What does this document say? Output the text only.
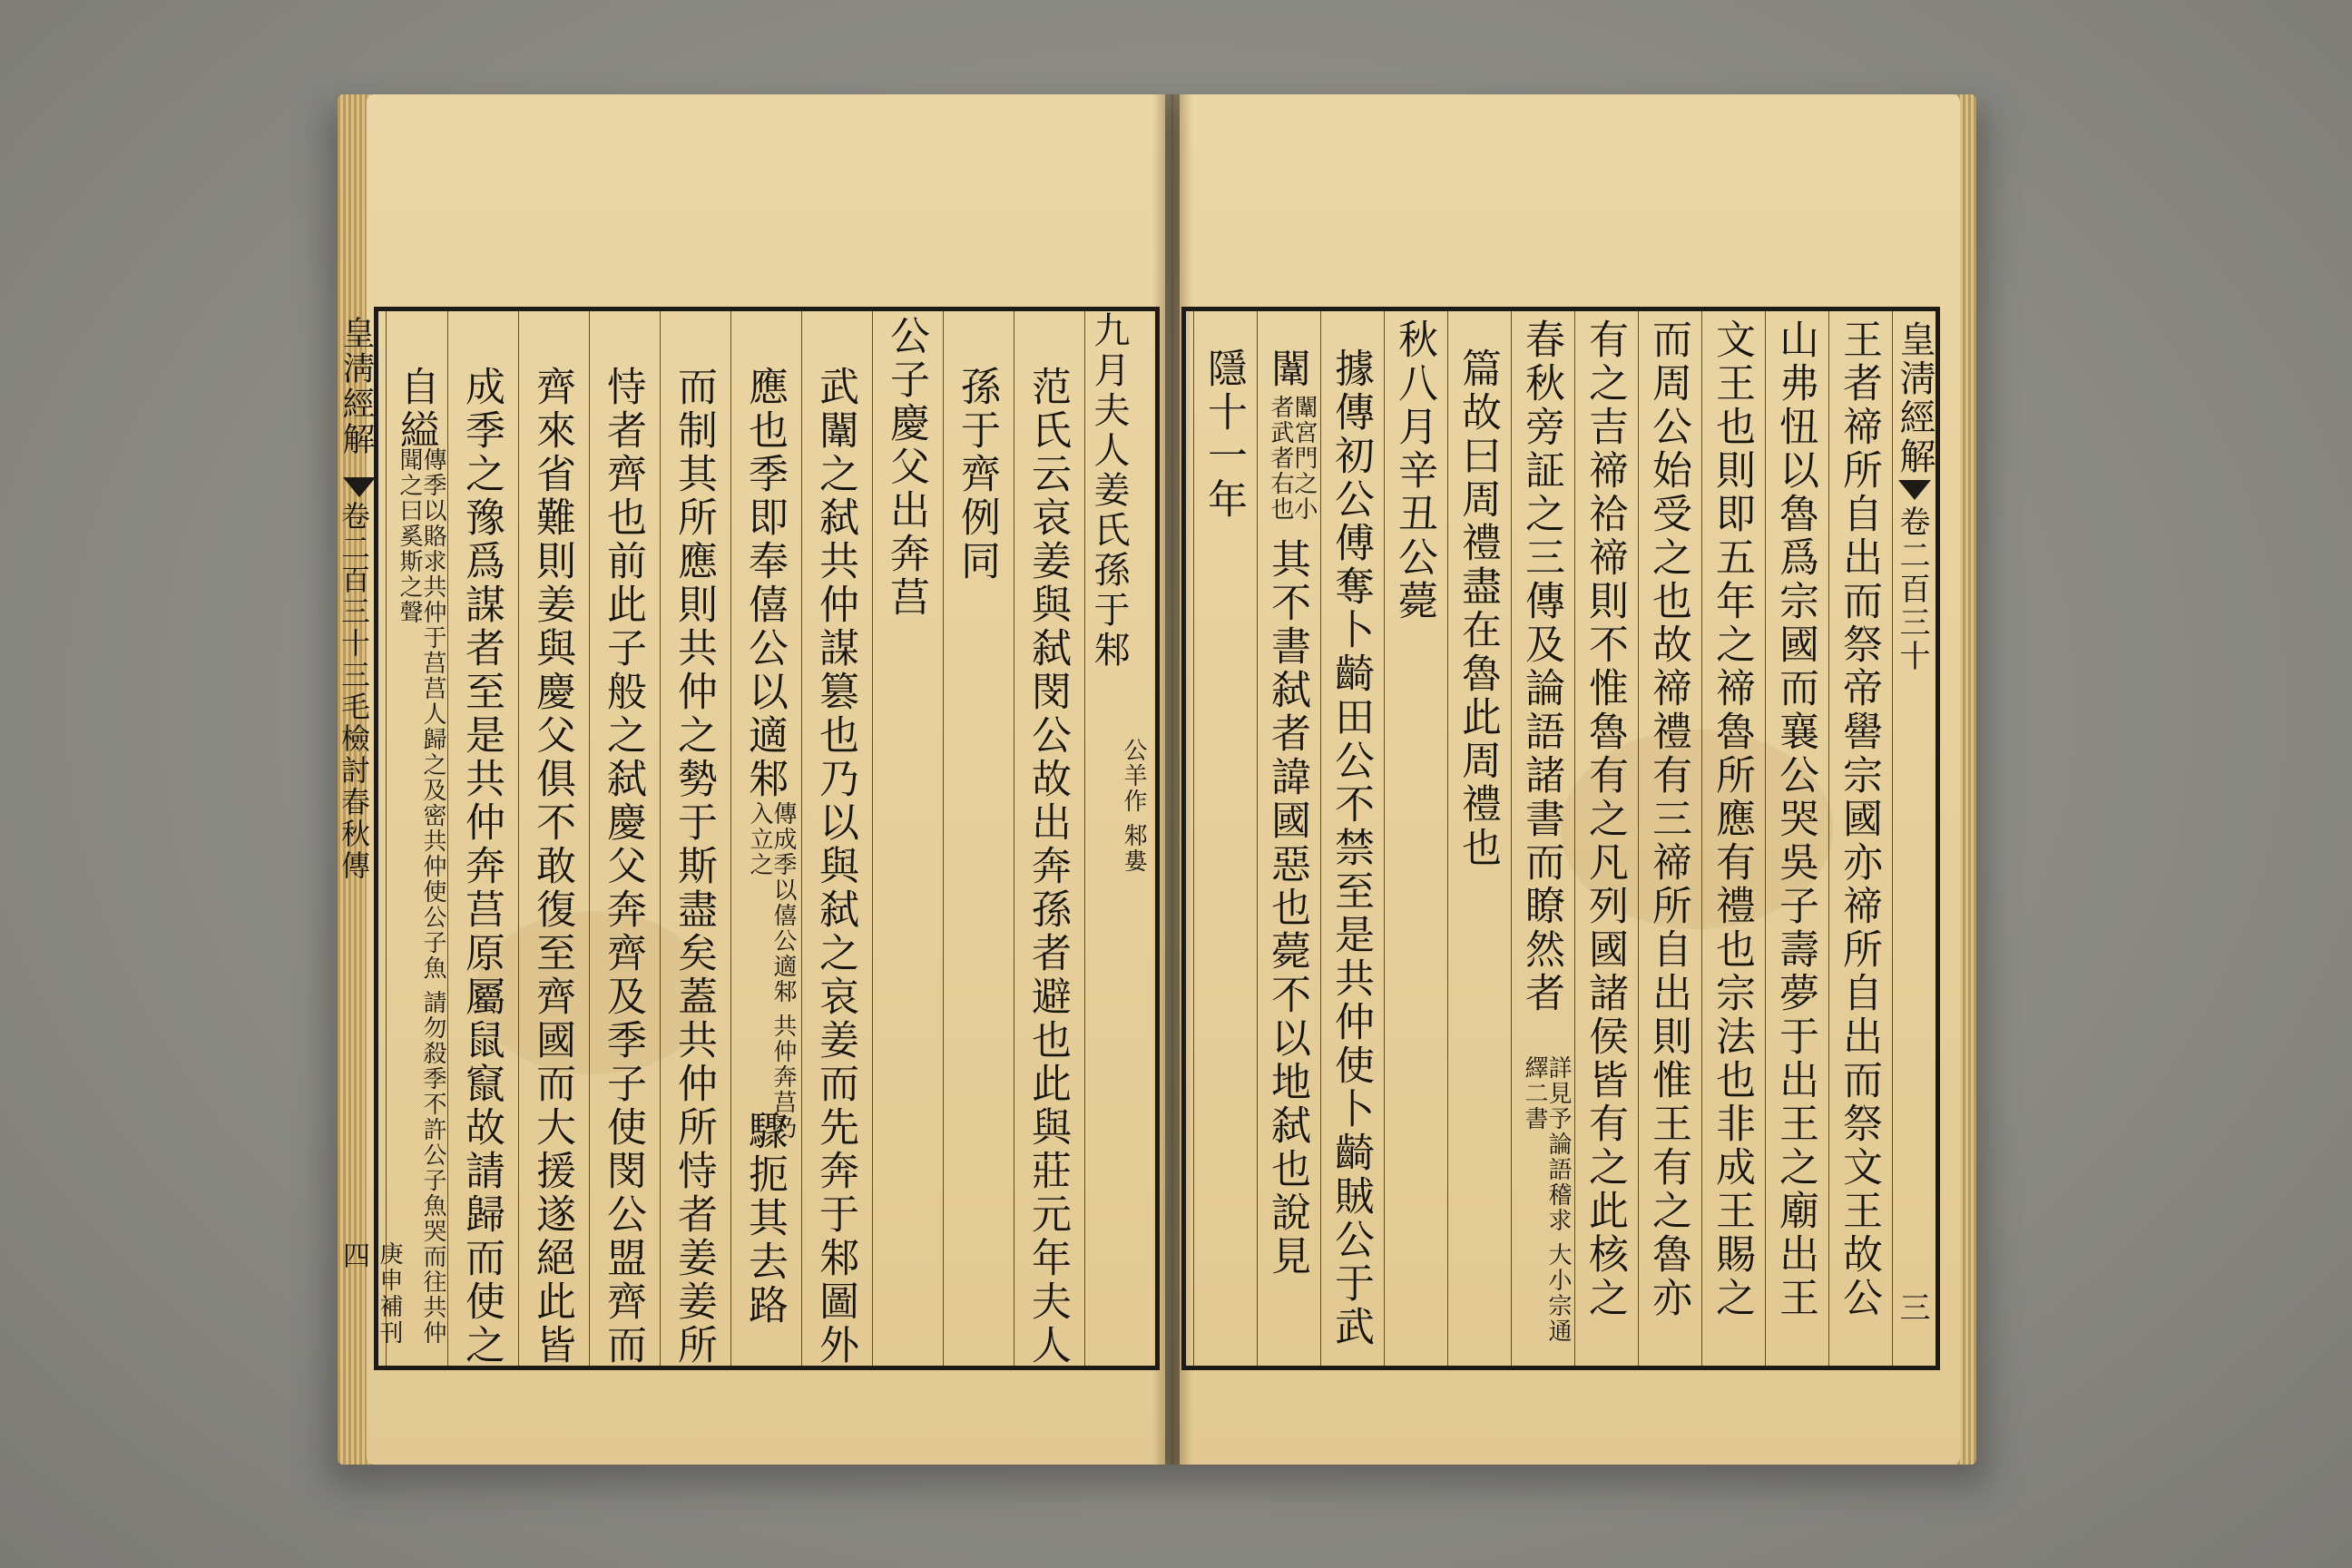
皇淸經解
卷二百三十
三
王者禘所自出而祭帝嚳宗國亦禘所自出而祭文王故公
山弗忸以魯爲宗國而襄公哭吳子壽夢于出王之廟出王
文王也則即五年之禘魯所應有禮也宗法也非成王賜之
而周公始受之也故禘禮有三禘所自出則惟王有之魯亦
有之吉禘祫禘則不惟魯有之凡列國諸侯皆有之此核之
春秋旁証之三傳及論語諸書而瞭然者
詳見予論語稽求 大小宗通繹二書
篇故曰周禮盡在魯此周禮也
秋八月辛丑公薨
據傳初公傅奪卜齮田公不禁至是共仲使卜齮賊公于武
闈
闈宮門之小者武者右也
其不書弑者諱國惡也薨不以地弑也說見
隱十一年
九月夫人姜氏孫于邾
公羊作 邾婁
范氏云哀姜與弑閔公故出奔孫者避也此與莊元年夫人
孫于齊例同
公子慶父出奔莒
武闈之弑共仲謀篡也乃以與弑之哀姜而先奔于邾圖外
應也季即奉僖公以適邾
傳成季以僖公適邾 共仲奔莒乃入立之
驟扼其去路
而制其所應則共仲之勢于斯盡矣蓋共仲所恃者姜姜所
恃者齊也前此子般之弑慶父奔齊及季子使閔公盟齊而
齊來省難則姜與慶父俱不敢復至齊國而大援遂絕此皆
成季之豫爲謀者至是共仲奔莒原屬鼠竄故請歸而使之
自縊
傳季以賂求共仲于莒莒人歸之及密共仲使公子魚 請勿殺季不許公子魚哭而往共仲聞之曰奚斯之聲
皇淸經解
卷二百三十三毛檢討春秋傳
四 庚申補刊
